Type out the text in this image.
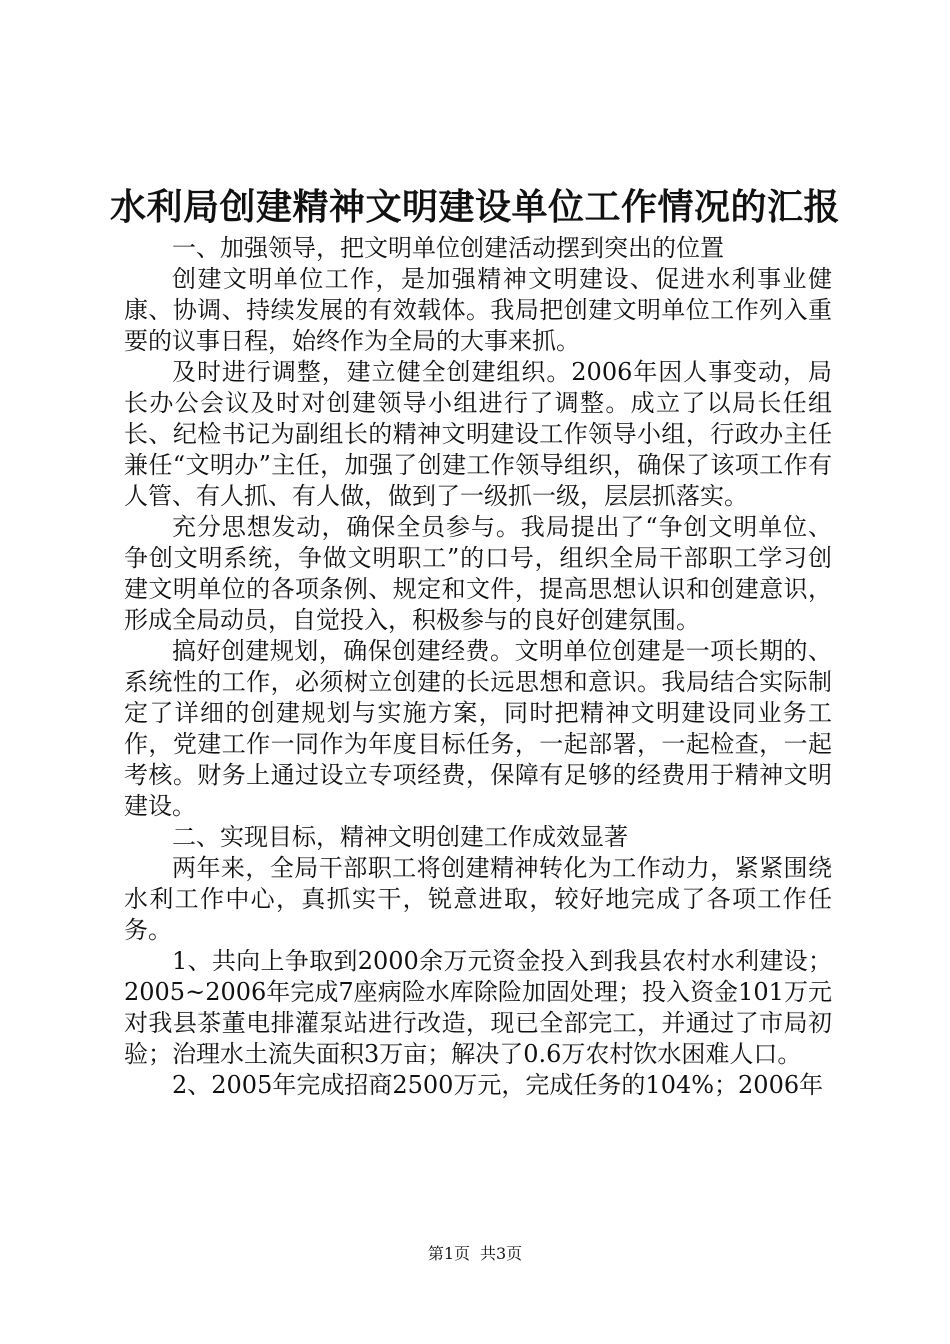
水利局创建精神文明建设单位工作情况的汇报

一、加强领导，把文明单位创建活动摆到突出的位置

创建文明单位工作，是加强精神文明建设、促进水利事业健康、协调、持续发展的有效载体。我局把创建文明单位工作列入重要的议事日程，始终作为全局的大事来抓。

及时进行调整，建立健全创建组织。2006年因人事变动，局长办公会议及时对创建领导小组进行了调整。成立了以局长任组长、纪检书记为副组长的精神文明建设工作领导小组，行政办主任兼任“文明办”主任，加强了创建工作领导组织，确保了该项工作有人管、有人抓、有人做，做到了一级抓一级，层层抓落实。

充分思想发动，确保全员参与。我局提出了“争创文明单位、争创文明系统，争做文明职工”的口号，组织全局干部职工学习创建文明单位的各项条例、规定和文件，提高思想认识和创建意识，形成全局动员，自觉投入，积极参与的良好创建氛围。

搞好创建规划，确保创建经费。文明单位创建是一项长期的、系统性的工作，必须树立创建的长远思想和意识。我局结合实际制定了详细的创建规划与实施方案，同时把精神文明建设同业务工作，党建工作一同作为年度目标任务，一起部署，一起检查，一起考核。财务上通过设立专项经费，保障有足够的经费用于精神文明建设。

二、实现目标，精神文明创建工作成效显著

两年来，全局干部职工将创建精神转化为工作动力，紧紧围绕水利工作中心，真抓实干，锐意进取，较好地完成了各项工作任务。

1、共向上争取到2000余万元资金投入到我县农村水利建设；2005~2006年完成7座病险水库除险加固处理；投入资金101万元对我县茶董电排灌泵站进行改造，现已全部完工，并通过了市局初验；治理水土流失面积3万亩；解决了0.6万农村饮水困难人口。

2、2005年完成招商2500万元，完成任务的104%；2006年

第1页 共3页
